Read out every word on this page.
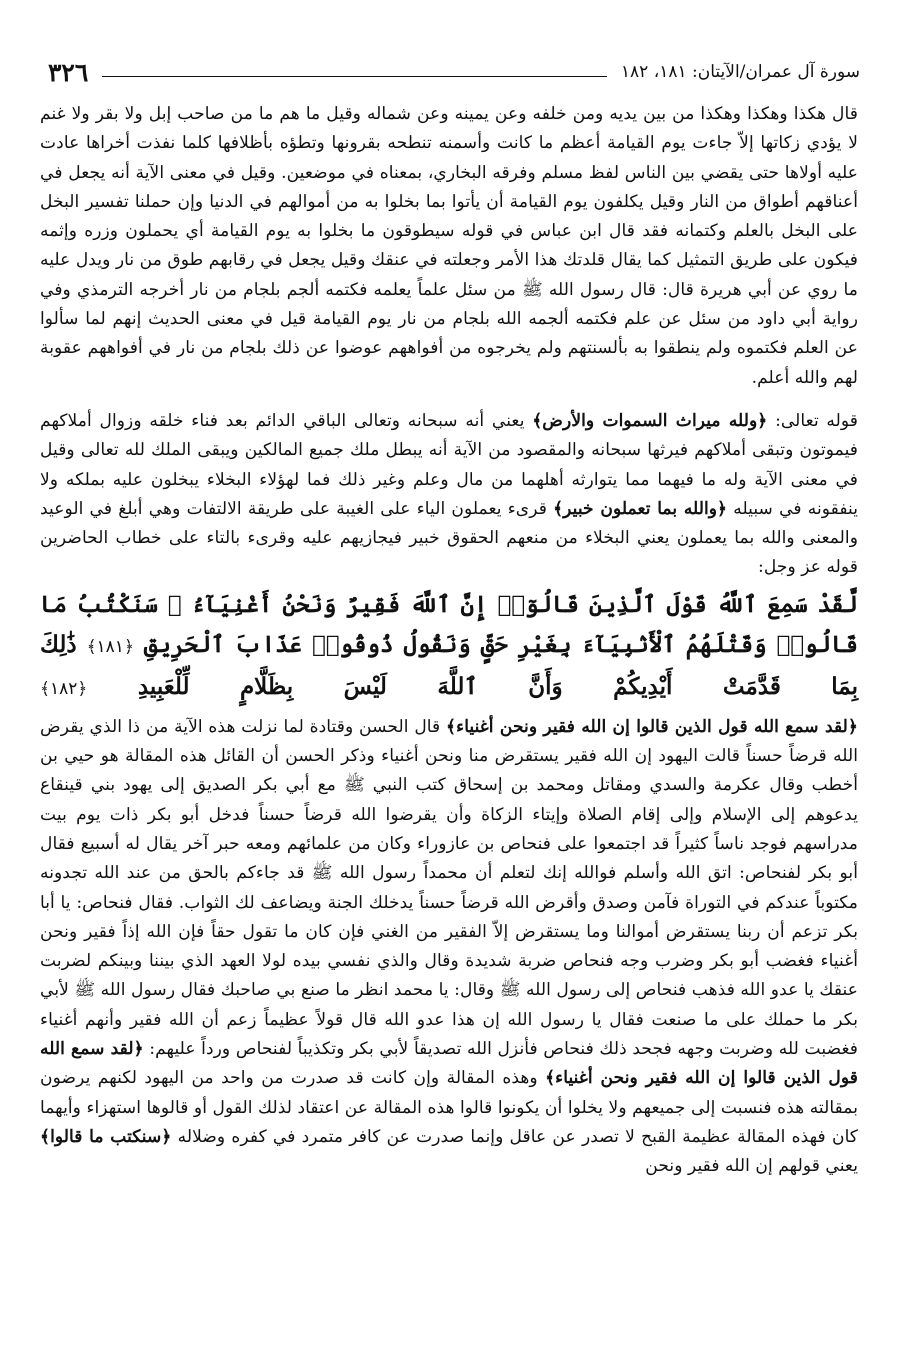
٣٢٦	سورة آل عمران/الآيتان: ١٨١، ١٨٢

قال هكذا وهكذا وهكذا من بين يديه ومن خلفه وعن يمينه وعن شماله وقيل ما هم ما من صاحب إبل ولا بقر ولا غنم لا يؤدي زكاتها إلاّ جاءت يوم القيامة أعظم ما كانت وأسمنه تنطحه بقرونها وتطؤه بأظلافها كلما نفذت أخراها عادت عليه أولاها حتى يقضي بين الناس لفظ مسلم وفرقه البخاري، بمعناه في موضعين. وقيل في معنى الآية أنه يجعل في أعناقهم أطواق من النار وقيل يكلفون يوم القيامة أن يأتوا بما بخلوا به من أموالهم في الدنيا وإن حملنا تفسير البخل على البخل بالعلم وكتمانه فقد قال ابن عباس في قوله سيطوقون ما بخلوا به يوم القيامة أي يحملون وزره وإثمه فيكون على طريق التمثيل كما يقال قلدتك هذا الأمر وجعلته في عنقك وقيل يجعل في رقابهم طوق من نار ويدل عليه ما روي عن أبي هريرة قال: قال رسول الله ﷺ من سئل علماً يعلمه فكتمه ألجم بلجام من نار أخرجه الترمذي وفي رواية أبي داود من سئل عن علم فكتمه ألجمه الله بلجام من نار يوم القيامة قيل في معنى الحديث إنهم لما سألوا عن العلم فكتموه ولم ينطقوا به بألسنتهم ولم يخرجوه من أفواههم عوضوا عن ذلك بلجام من نار في أفواههم عقوبة لهم والله أعلم.

قوله تعالى: ﴿ولله ميراث السموات والأرض﴾ يعني أنه سبحانه وتعالى الباقي الدائم بعد فناء خلقه وزوال أملاكهم فيموتون وتبقى أملاكهم فيرثها سبحانه والمقصود من الآية أنه يبطل ملك جميع المالكين ويبقى الملك لله تعالى وقيل في معنى الآية وله ما فيهما مما يتوارثه أهلهما من مال وعلم وغير ذلك فما لهؤلاء البخلاء يبخلون عليه بملكه ولا ينفقونه في سبيله ﴿والله بما تعملون خبير﴾ قرىء يعملون الياء على الغيبة على طريقة الالتفات وهي أبلغ في الوعيد والمعنى والله بما يعملون يعني البخلاء من منعهم الحقوق خبير فيجازيهم عليه وقرىء بالتاء على خطاب الحاضرين قوله عز وجل:

لَّقَدْ سَمِعَ ٱللَّهُ قَوْلَ ٱلَّذِينَ قَالُوٓا۟ إِنَّ ٱللَّهَ فَقِيرٌ وَنَحْنُ أَغْنِيَآءُ ۘ سَنَكْتُبُ مَا قَالُوا۟ وَقَتْلَهُمُ ٱلْأَنۢبِيَآءَ بِغَيْرِ حَقٍّ وَنَقُولُ ذُوقُوا۟ عَذَابَ ٱلْحَرِيقِ ﴿١٨١﴾ ذَٰلِكَ بِمَا قَدَّمَتْ أَيْدِيكُمْ وَأَنَّ ٱللَّهَ لَيْسَ بِظَلَّامٍ لِّلْعَبِيدِ ﴿١٨٢﴾

﴿لقد سمع الله قول الذين قالوا إن الله فقير ونحن أغنياء﴾ قال الحسن وقتادة لما نزلت هذه الآية من ذا الذي يقرض الله قرضاً حسناً قالت اليهود إن الله فقير يستقرض منا ونحن أغنياء وذكر الحسن أن القائل هذه المقالة هو حيي بن أخطب وقال عكرمة والسدي ومقاتل ومحمد بن إسحاق كتب النبي ﷺ مع أبي بكر الصديق إلى يهود بني قينقاع يدعوهم إلى الإسلام وإلى إقام الصلاة وإيتاء الزكاة وأن يقرضوا الله قرضاً حسناً فدخل أبو بكر ذات يوم بيت مدراسهم فوجد ناساً كثيراً قد اجتمعوا على فنحاص بن عازوراء وكان من علمائهم ومعه حبر آخر يقال له أسبيع فقال أبو بكر لفنحاص: اتق الله وأسلم فوالله إنك لتعلم أن محمداً رسول الله ﷺ قد جاءكم بالحق من عند الله تجدونه مكتوباً عندكم في التوراة فآمن وصدق وأقرض الله قرضاً حسناً يدخلك الجنة ويضاعف لك الثواب. فقال فنحاص: يا أبا بكر تزعم أن ربنا يستقرض أموالنا وما يستقرض إلاّ الفقير من الغني فإن كان ما تقول حقاً فإن الله إذاً فقير ونحن أغنياء فغضب أبو بكر وضرب وجه فنحاص ضربة شديدة وقال والذي نفسي بيده لولا العهد الذي بيننا وبينكم لضربت عنقك يا عدو الله فذهب فنحاص إلى رسول الله ﷺ وقال: يا محمد انظر ما صنع بي صاحبك فقال رسول الله ﷺ لأبي بكر ما حملك على ما صنعت فقال يا رسول الله إن هذا عدو الله قال قولاً عظيماً زعم أن الله فقير وأنهم أغنياء فغضبت لله وضربت وجهه فجحد ذلك فنحاص فأنزل الله تصديقاً لأبي بكر وتكذيباً لفنحاص ورداً عليهم: ﴿لقد سمع الله قول الذين قالوا إن الله فقير ونحن أغنياء﴾ وهذه المقالة وإن كانت قد صدرت من واحد من اليهود لكنهم يرضون بمقالته هذه فنسبت إلى جميعهم ولا يخلوا أن يكونوا قالوا هذه المقالة عن اعتقاد لذلك القول أو قالوها استهزاء وأيهما كان فهذه المقالة عظيمة القبح لا تصدر عن عاقل وإنما صدرت عن كافر متمرد في كفره وضلاله ﴿سنكتب ما قالوا﴾ يعني قولهم إن الله فقير ونحن
